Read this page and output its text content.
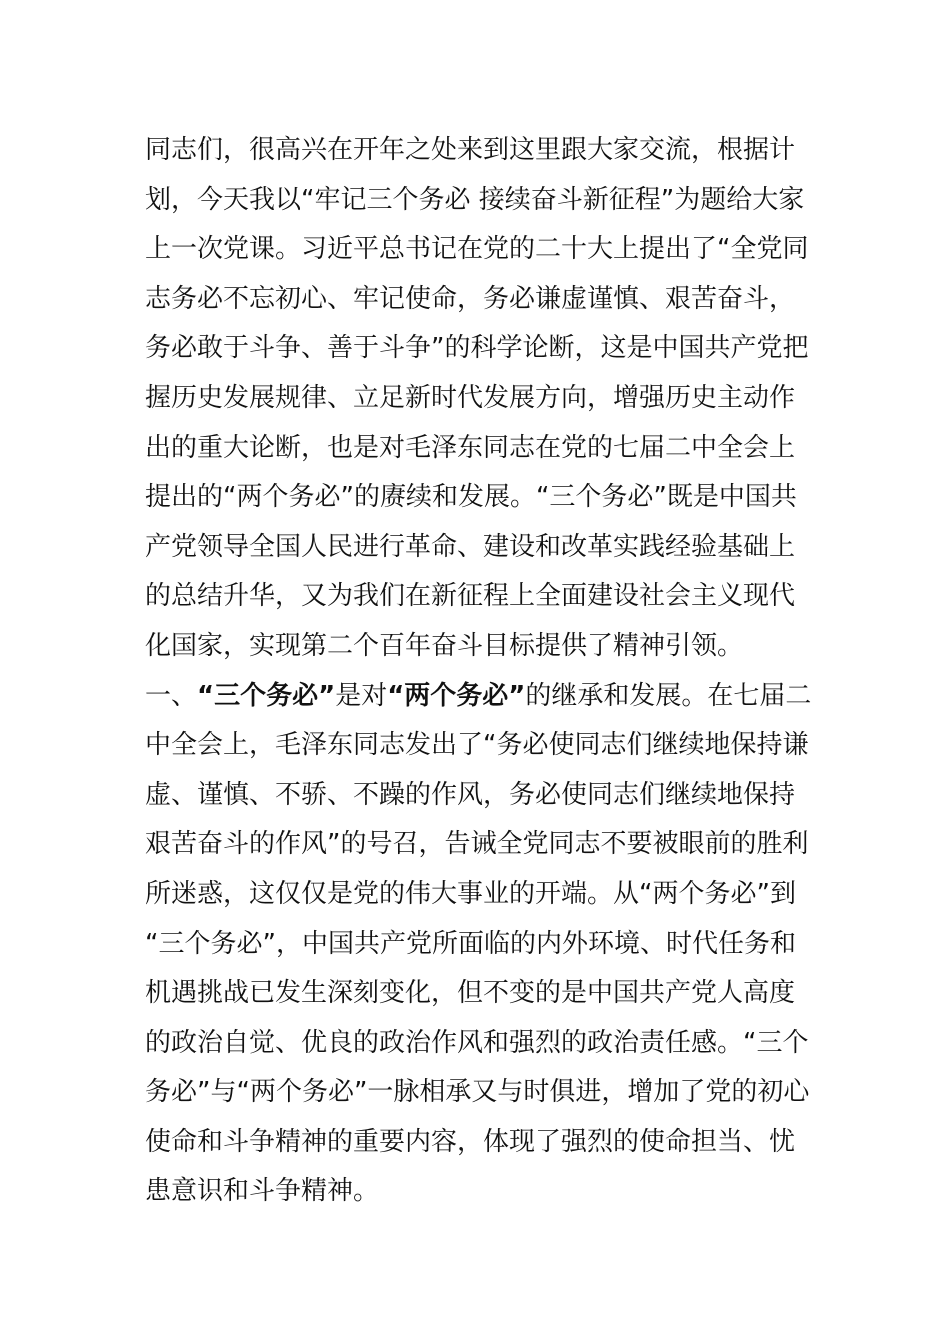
同志们，很高兴在开年之处来到这里跟大家交流，根据计
划，今天我以“牢记三个务必 接续奋斗新征程”为题给大家
上一次党课。习近平总书记在党的二十大上提出了“全党同
志务必不忘初心、牢记使命，务必谦虚谨慎、艰苦奋斗，
务必敢于斗争、善于斗争”的科学论断，这是中国共产党把
握历史发展规律、立足新时代发展方向，增强历史主动作
出的重大论断，也是对毛泽东同志在党的七届二中全会上
提出的“两个务必”的赓续和发展。“三个务必”既是中国共
产党领导全国人民进行革命、建设和改革实践经验基础上
的总结升华，又为我们在新征程上全面建设社会主义现代
化国家，实现第二个百年奋斗目标提供了精神引领。
一、“三个务必”是对“两个务必”的继承和发展。在七届二
中全会上，毛泽东同志发出了“务必使同志们继续地保持谦
虚、谨慎、不骄、不躁的作风，务必使同志们继续地保持
艰苦奋斗的作风”的号召，告诫全党同志不要被眼前的胜利
所迷惑，这仅仅是党的伟大事业的开端。从“两个务必”到
“三个务必”，中国共产党所面临的内外环境、时代任务和
机遇挑战已发生深刻变化，但不变的是中国共产党人高度
的政治自觉、优良的政治作风和强烈的政治责任感。“三个
务必”与“两个务必”一脉相承又与时俱进，增加了党的初心
使命和斗争精神的重要内容，体现了强烈的使命担当、忧
患意识和斗争精神。
